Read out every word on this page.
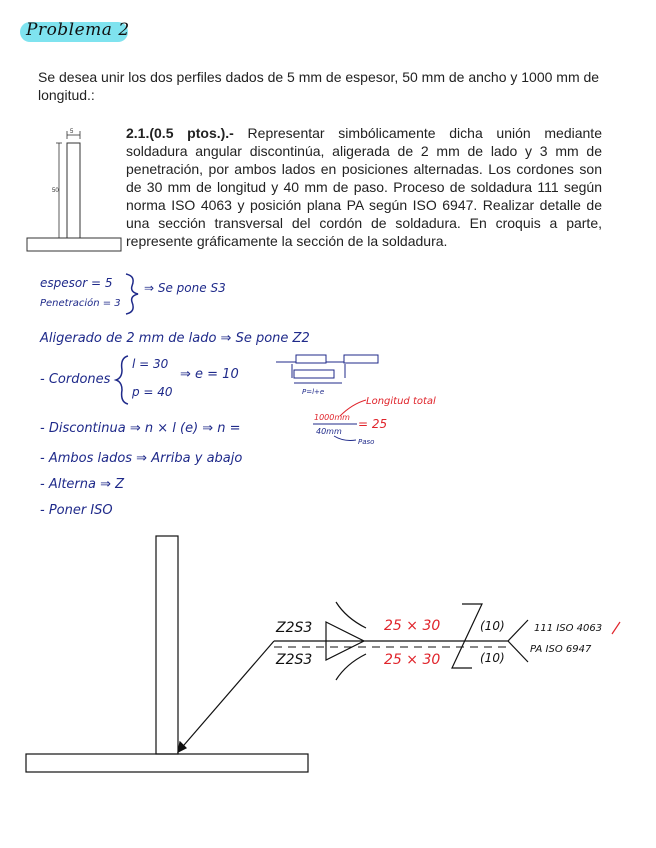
Problema 2
Se desea unir los dos perfiles dados de 5 mm de espesor, 50 mm de ancho y 1000 mm de longitud.:
2.1.(0.5 ptos.).- Representar simbólicamente dicha unión mediante soldadura angular discontinúa, aligerada de 2 mm de lado y 3 mm de penetración, por ambos lados en posiciones alternadas. Los cordones son de 30 mm de longitud y 40 mm de paso. Proceso de soldadura 111 según norma ISO 4063 y posición plana PA según ISO 6947. Realizar detalle de una sección transversal del cordón de soldadura. En croquis a parte, represente gráficamente la sección de la soldadura.
5
50
espesor = 5
Penetración = 3
⇒ Se pone S3
Aligerado de 2 mm de lado ⇒ Se pone Z2
- Cordones
l = 30
p = 40
⇒ e = 10
P=l+e
- Discontinua ⇒ n × l (e) ⇒ n =
1000mm
40mm
= 25
Longitud total
Paso
- Ambos lados ⇒ Arriba y abajo
- Alterna ⇒ Z
- Poner ISO
Z2S3
Z2S3
25 × 30
25 × 30
(10)
(10)
111 ISO 4063
PA ISO 6947
